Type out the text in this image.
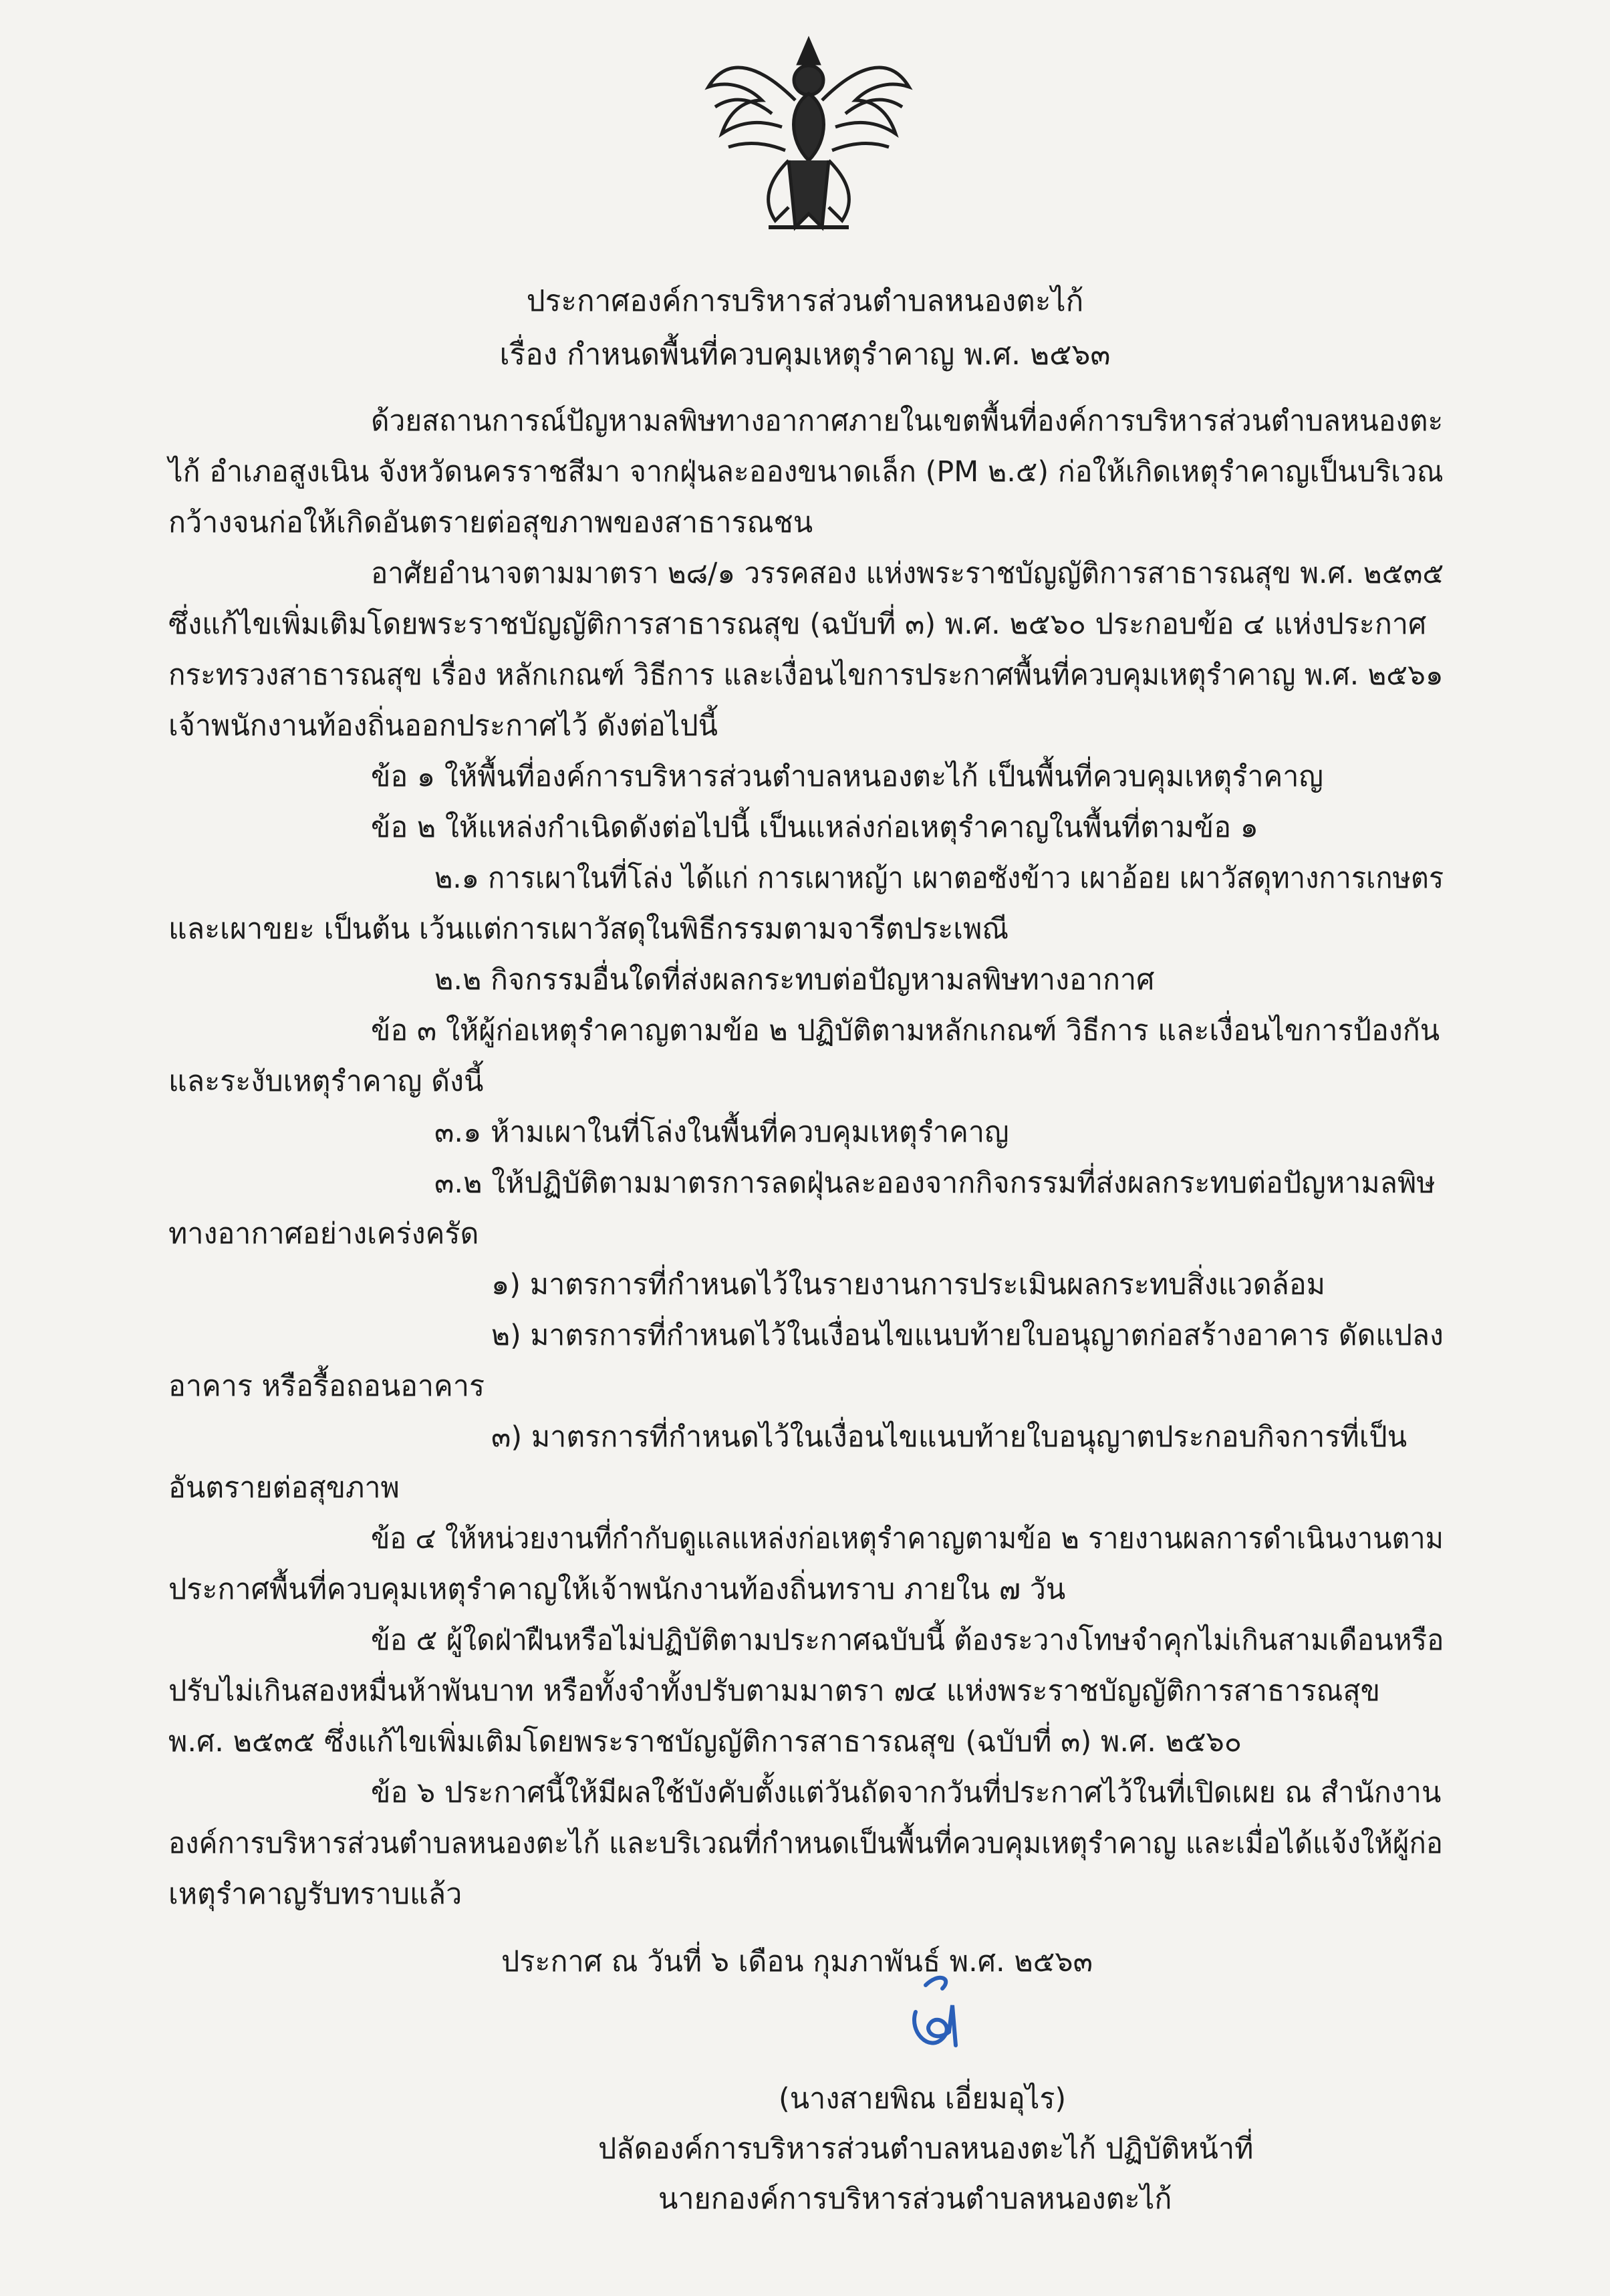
ประกาศองค์การบริหารส่วนตำบลหนองตะไก้
เรื่อง กำหนดพื้นที่ควบคุมเหตุรำคาญ พ.ศ. ๒๕๖๓
ด้วยสถานการณ์ปัญหามลพิษทางอากาศภายในเขตพื้นที่องค์การบริหารส่วนตำบลหนองตะ
ไก้ อำเภอสูงเนิน จังหวัดนครราชสีมา จากฝุ่นละอองขนาดเล็ก (PM ๒.๕) ก่อให้เกิดเหตุรำคาญเป็นบริเวณ
กว้างจนก่อให้เกิดอันตรายต่อสุขภาพของสาธารณชน
อาศัยอำนาจตามมาตรา ๒๘/๑ วรรคสอง แห่งพระราชบัญญัติการสาธารณสุข พ.ศ. ๒๕๓๕
ซึ่งแก้ไขเพิ่มเติมโดยพระราชบัญญัติการสาธารณสุข (ฉบับที่ ๓) พ.ศ. ๒๕๖๐ ประกอบข้อ ๔ แห่งประกาศ
กระทรวงสาธารณสุข เรื่อง หลักเกณฑ์ วิธีการ และเงื่อนไขการประกาศพื้นที่ควบคุมเหตุรำคาญ พ.ศ. ๒๕๖๑
เจ้าพนักงานท้องถิ่นออกประกาศไว้ ดังต่อไปนี้
ข้อ ๑ ให้พื้นที่องค์การบริหารส่วนตำบลหนองตะไก้ เป็นพื้นที่ควบคุมเหตุรำคาญ
ข้อ ๒ ให้แหล่งกำเนิดดังต่อไปนี้ เป็นแหล่งก่อเหตุรำคาญในพื้นที่ตามข้อ ๑
๒.๑ การเผาในที่โล่ง ได้แก่ การเผาหญ้า เผาตอซังข้าว เผาอ้อย เผาวัสดุทางการเกษตร
และเผาขยะ เป็นต้น เว้นแต่การเผาวัสดุในพิธีกรรมตามจารีตประเพณี
๒.๒ กิจกรรมอื่นใดที่ส่งผลกระทบต่อปัญหามลพิษทางอากาศ
ข้อ ๓ ให้ผู้ก่อเหตุรำคาญตามข้อ ๒ ปฏิบัติตามหลักเกณฑ์ วิธีการ และเงื่อนไขการป้องกัน
และระงับเหตุรำคาญ ดังนี้
๓.๑ ห้ามเผาในที่โล่งในพื้นที่ควบคุมเหตุรำคาญ
๓.๒ ให้ปฏิบัติตามมาตรการลดฝุ่นละอองจากกิจกรรมที่ส่งผลกระทบต่อปัญหามลพิษ
ทางอากาศอย่างเคร่งครัด
๑) มาตรการที่กำหนดไว้ในรายงานการประเมินผลกระทบสิ่งแวดล้อม
๒) มาตรการที่กำหนดไว้ในเงื่อนไขแนบท้ายใบอนุญาตก่อสร้างอาคาร ดัดแปลง
อาคาร หรือรื้อถอนอาคาร
๓) มาตรการที่กำหนดไว้ในเงื่อนไขแนบท้ายใบอนุญาตประกอบกิจการที่เป็น
อันตรายต่อสุขภาพ
ข้อ ๔ ให้หน่วยงานที่กำกับดูแลแหล่งก่อเหตุรำคาญตามข้อ ๒ รายงานผลการดำเนินงานตาม
ประกาศพื้นที่ควบคุมเหตุรำคาญให้เจ้าพนักงานท้องถิ่นทราบ ภายใน ๗ วัน
ข้อ ๕ ผู้ใดฝ่าฝืนหรือไม่ปฏิบัติตามประกาศฉบับนี้ ต้องระวางโทษจำคุกไม่เกินสามเดือนหรือ
ปรับไม่เกินสองหมื่นห้าพันบาท หรือทั้งจำทั้งปรับตามมาตรา ๗๔ แห่งพระราชบัญญัติการสาธารณสุข
พ.ศ. ๒๕๓๕ ซึ่งแก้ไขเพิ่มเติมโดยพระราชบัญญัติการสาธารณสุข (ฉบับที่ ๓) พ.ศ. ๒๕๖๐
ข้อ ๖ ประกาศนี้ให้มีผลใช้บังคับตั้งแต่วันถัดจากวันที่ประกาศไว้ในที่เปิดเผย ณ สำนักงาน
องค์การบริหารส่วนตำบลหนองตะไก้ และบริเวณที่กำหนดเป็นพื้นที่ควบคุมเหตุรำคาญ และเมื่อได้แจ้งให้ผู้ก่อ
เหตุรำคาญรับทราบแล้ว
ประกาศ ณ วันที่ ๖ เดือน กุมภาพันธ์ พ.ศ. ๒๕๖๓
(นางสายพิณ เอี่ยมอุไร)
ปลัดองค์การบริหารส่วนตำบลหนองตะไก้ ปฏิบัติหน้าที่
นายกองค์การบริหารส่วนตำบลหนองตะไก้
